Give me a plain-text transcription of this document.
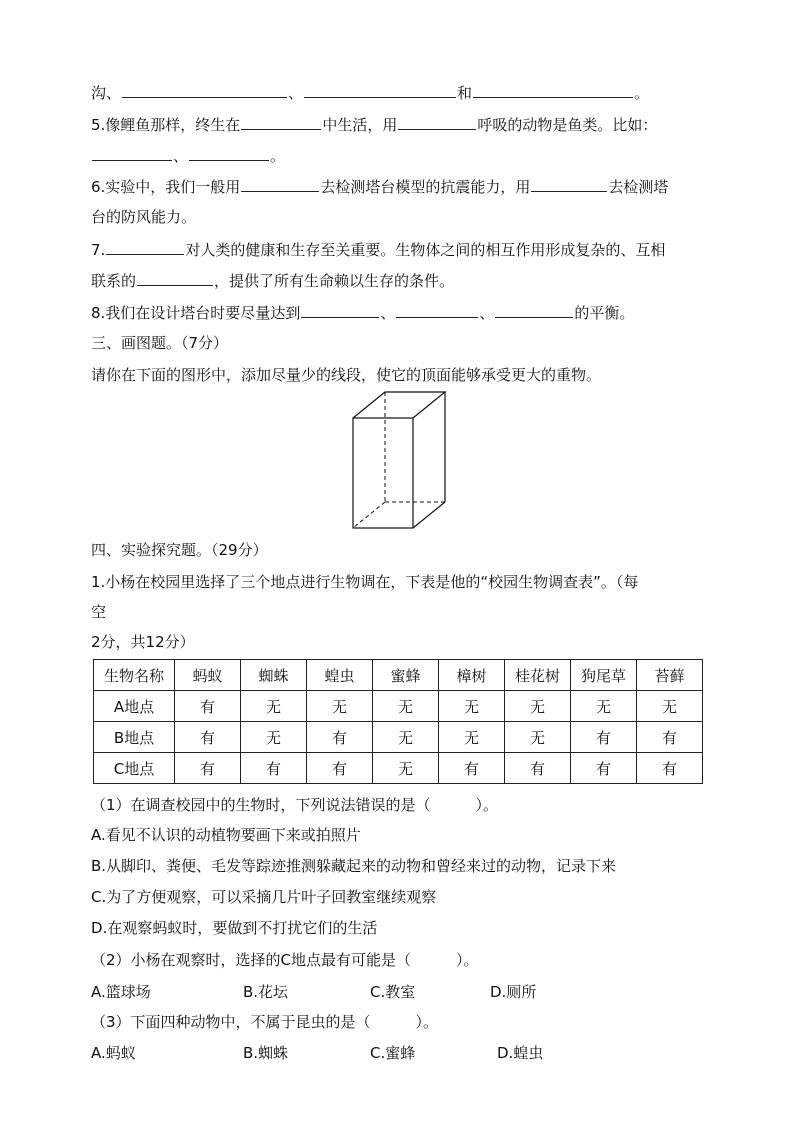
沟、	、	和	。
5.像鲤鱼那样，终生在	中生活，用	呼吸的动物是鱼类。比如：
、	。
6.实验中，我们一般用	去检测塔台模型的抗震能力，用	去检测塔
台的防风能力。
7.	对人类的健康和生存至关重要。生物体之间的相互作用形成复杂的、互相
联系的	，提供了所有生命赖以生存的条件。
8.我们在设计塔台时要尽量达到	、	、	的平衡。
三、画图题。（7分）
请你在下面的图形中，添加尽量少的线段，使它的顶面能够承受更大的重物。
四、实验探究题。（29分）
1.小杨在校园里选择了三个地点进行生物调在，下表是他的“校园生物调查表”。（每
空
2分，共12分）
生物名称	蚂蚁	蜘蛛	蝗虫	蜜蜂	樟树	桂花树	狗尾草	苔藓
A地点	有	无	无	无	无	无	无	无
B地点	有	无	有	无	无	无	有	有
C地点	有	有	有	无	有	有	有	有
（1）在调查校园中的生物时，下列说法错误的是（　　　）。
A.看见不认识的动植物要画下来或拍照片
B.从脚印、粪便、毛发等踪迹推测躲藏起来的动物和曾经来过的动物，记录下来
C.为了方便观察，可以采摘几片叶子回教室继续观察
D.在观察蚂蚁时，要做到不打扰它们的生活
（2）小杨在观察时，选择的C地点最有可能是（　　　）。
A.篮球场	B.花坛	C.教室	D.厕所
（3）下面四种动物中，不属于昆虫的是（　　　）。
A.蚂蚁	B.蜘蛛	C.蜜蜂	D.蝗虫
